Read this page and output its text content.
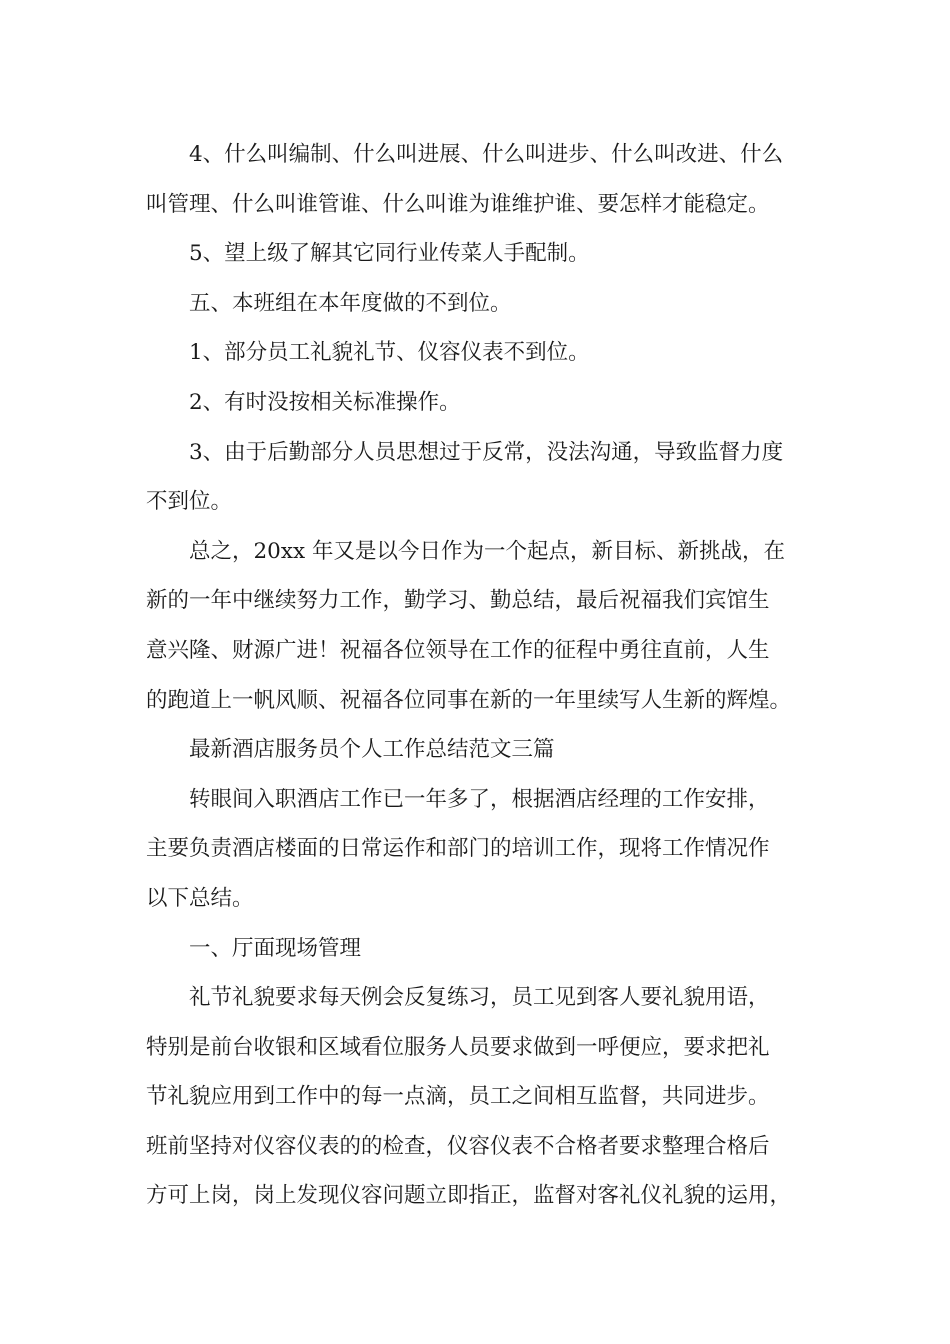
4、什么叫编制、什么叫进展、什么叫进步、什么叫改进、什么
叫管理、什么叫谁管谁、什么叫谁为谁维护谁、要怎样才能稳定。

5、望上级了解其它同行业传菜人手配制。

五、本班组在本年度做的不到位。

1、部分员工礼貌礼节、仪容仪表不到位。

2、有时没按相关标准操作。

3、由于后勤部分人员思想过于反常，没法沟通，导致监督力度
不到位。

总之，20xx 年又是以今日作为一个起点，新目标、新挑战，在
新的一年中继续努力工作，勤学习、勤总结，最后祝福我们宾馆生
意兴隆、财源广进！祝福各位领导在工作的征程中勇往直前，人生
的跑道上一帆风顺、祝福各位同事在新的一年里续写人生新的辉煌。

最新酒店服务员个人工作总结范文三篇

转眼间入职酒店工作已一年多了，根据酒店经理的工作安排，
主要负责酒店楼面的日常运作和部门的培训工作，现将工作情况作
以下总结。

一、厅面现场管理

礼节礼貌要求每天例会反复练习，员工见到客人要礼貌用语，
特别是前台收银和区域看位服务人员要求做到一呼便应，要求把礼
节礼貌应用到工作中的每一点滴，员工之间相互监督，共同进步。
班前坚持对仪容仪表的的检查，仪容仪表不合格者要求整理合格后
方可上岗，岗上发现仪容问题立即指正，监督对客礼仪礼貌的运用，
